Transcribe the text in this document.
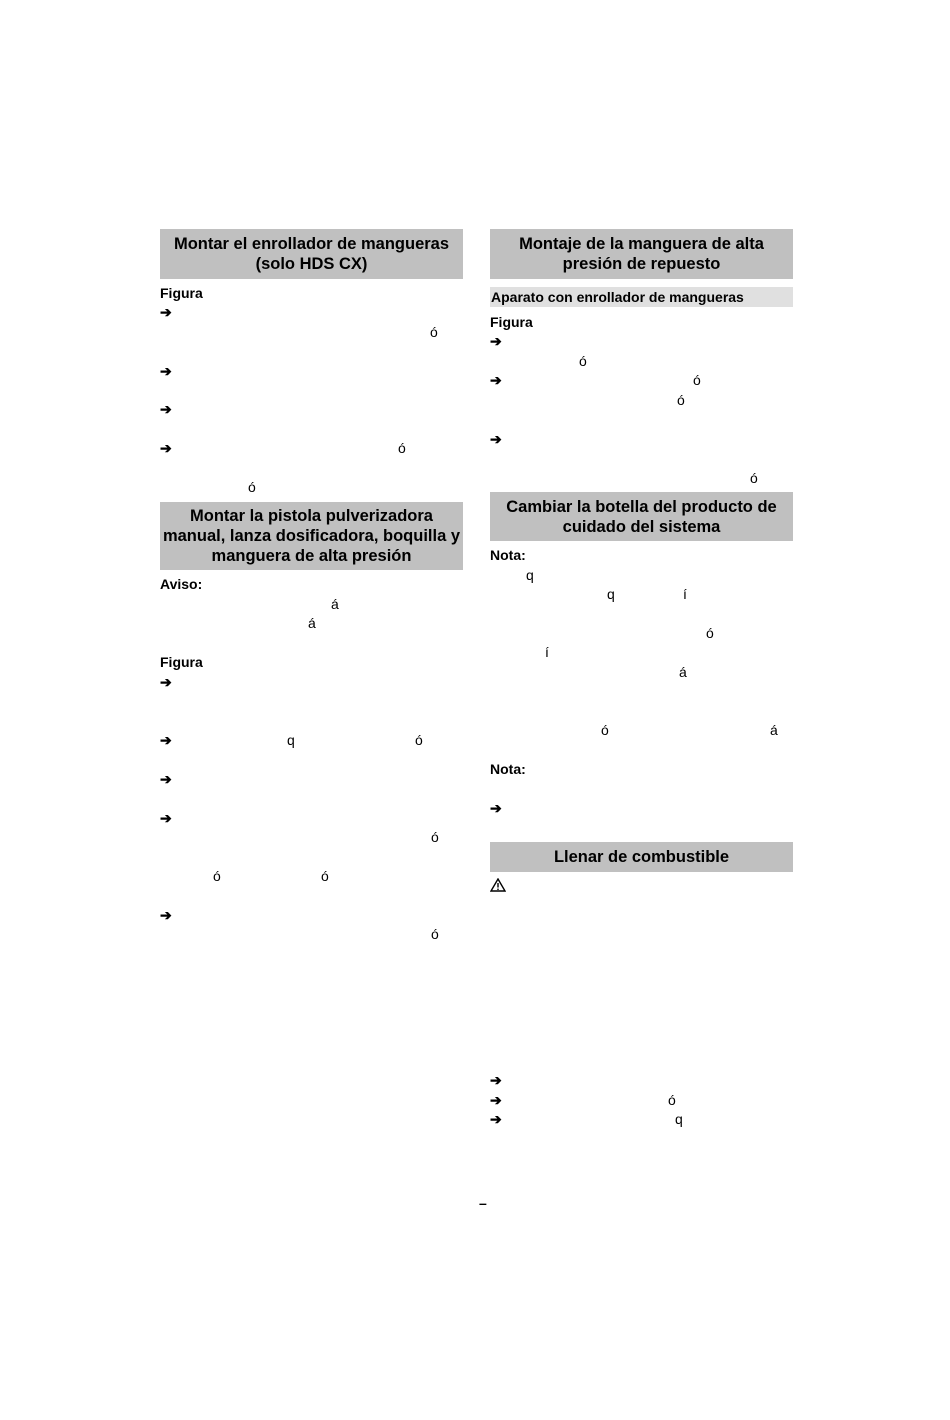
Montar el enrollador de mangueras (solo HDS CX)
Figura
➔
ó
➔
➔
➔	ó
ó
Montar la pistola pulverizadora manual, lanza dosificadora, boquilla y manguera de alta presión
Aviso:
á
á
Figura
➔
➔	q	ó
➔
➔
ó
ó	ó
➔
ó
Montaje de la manguera de alta presión de repuesto
Aparato con enrollador de mangueras
Figura
➔
ó
➔	ó
ó
➔
ó
Cambiar la botella del producto de cuidado del sistema
Nota:
q
q	í
ó
í
á
ó	á
Nota:
➔
Llenar de combustible
➔
➔	ó
➔	q
–
